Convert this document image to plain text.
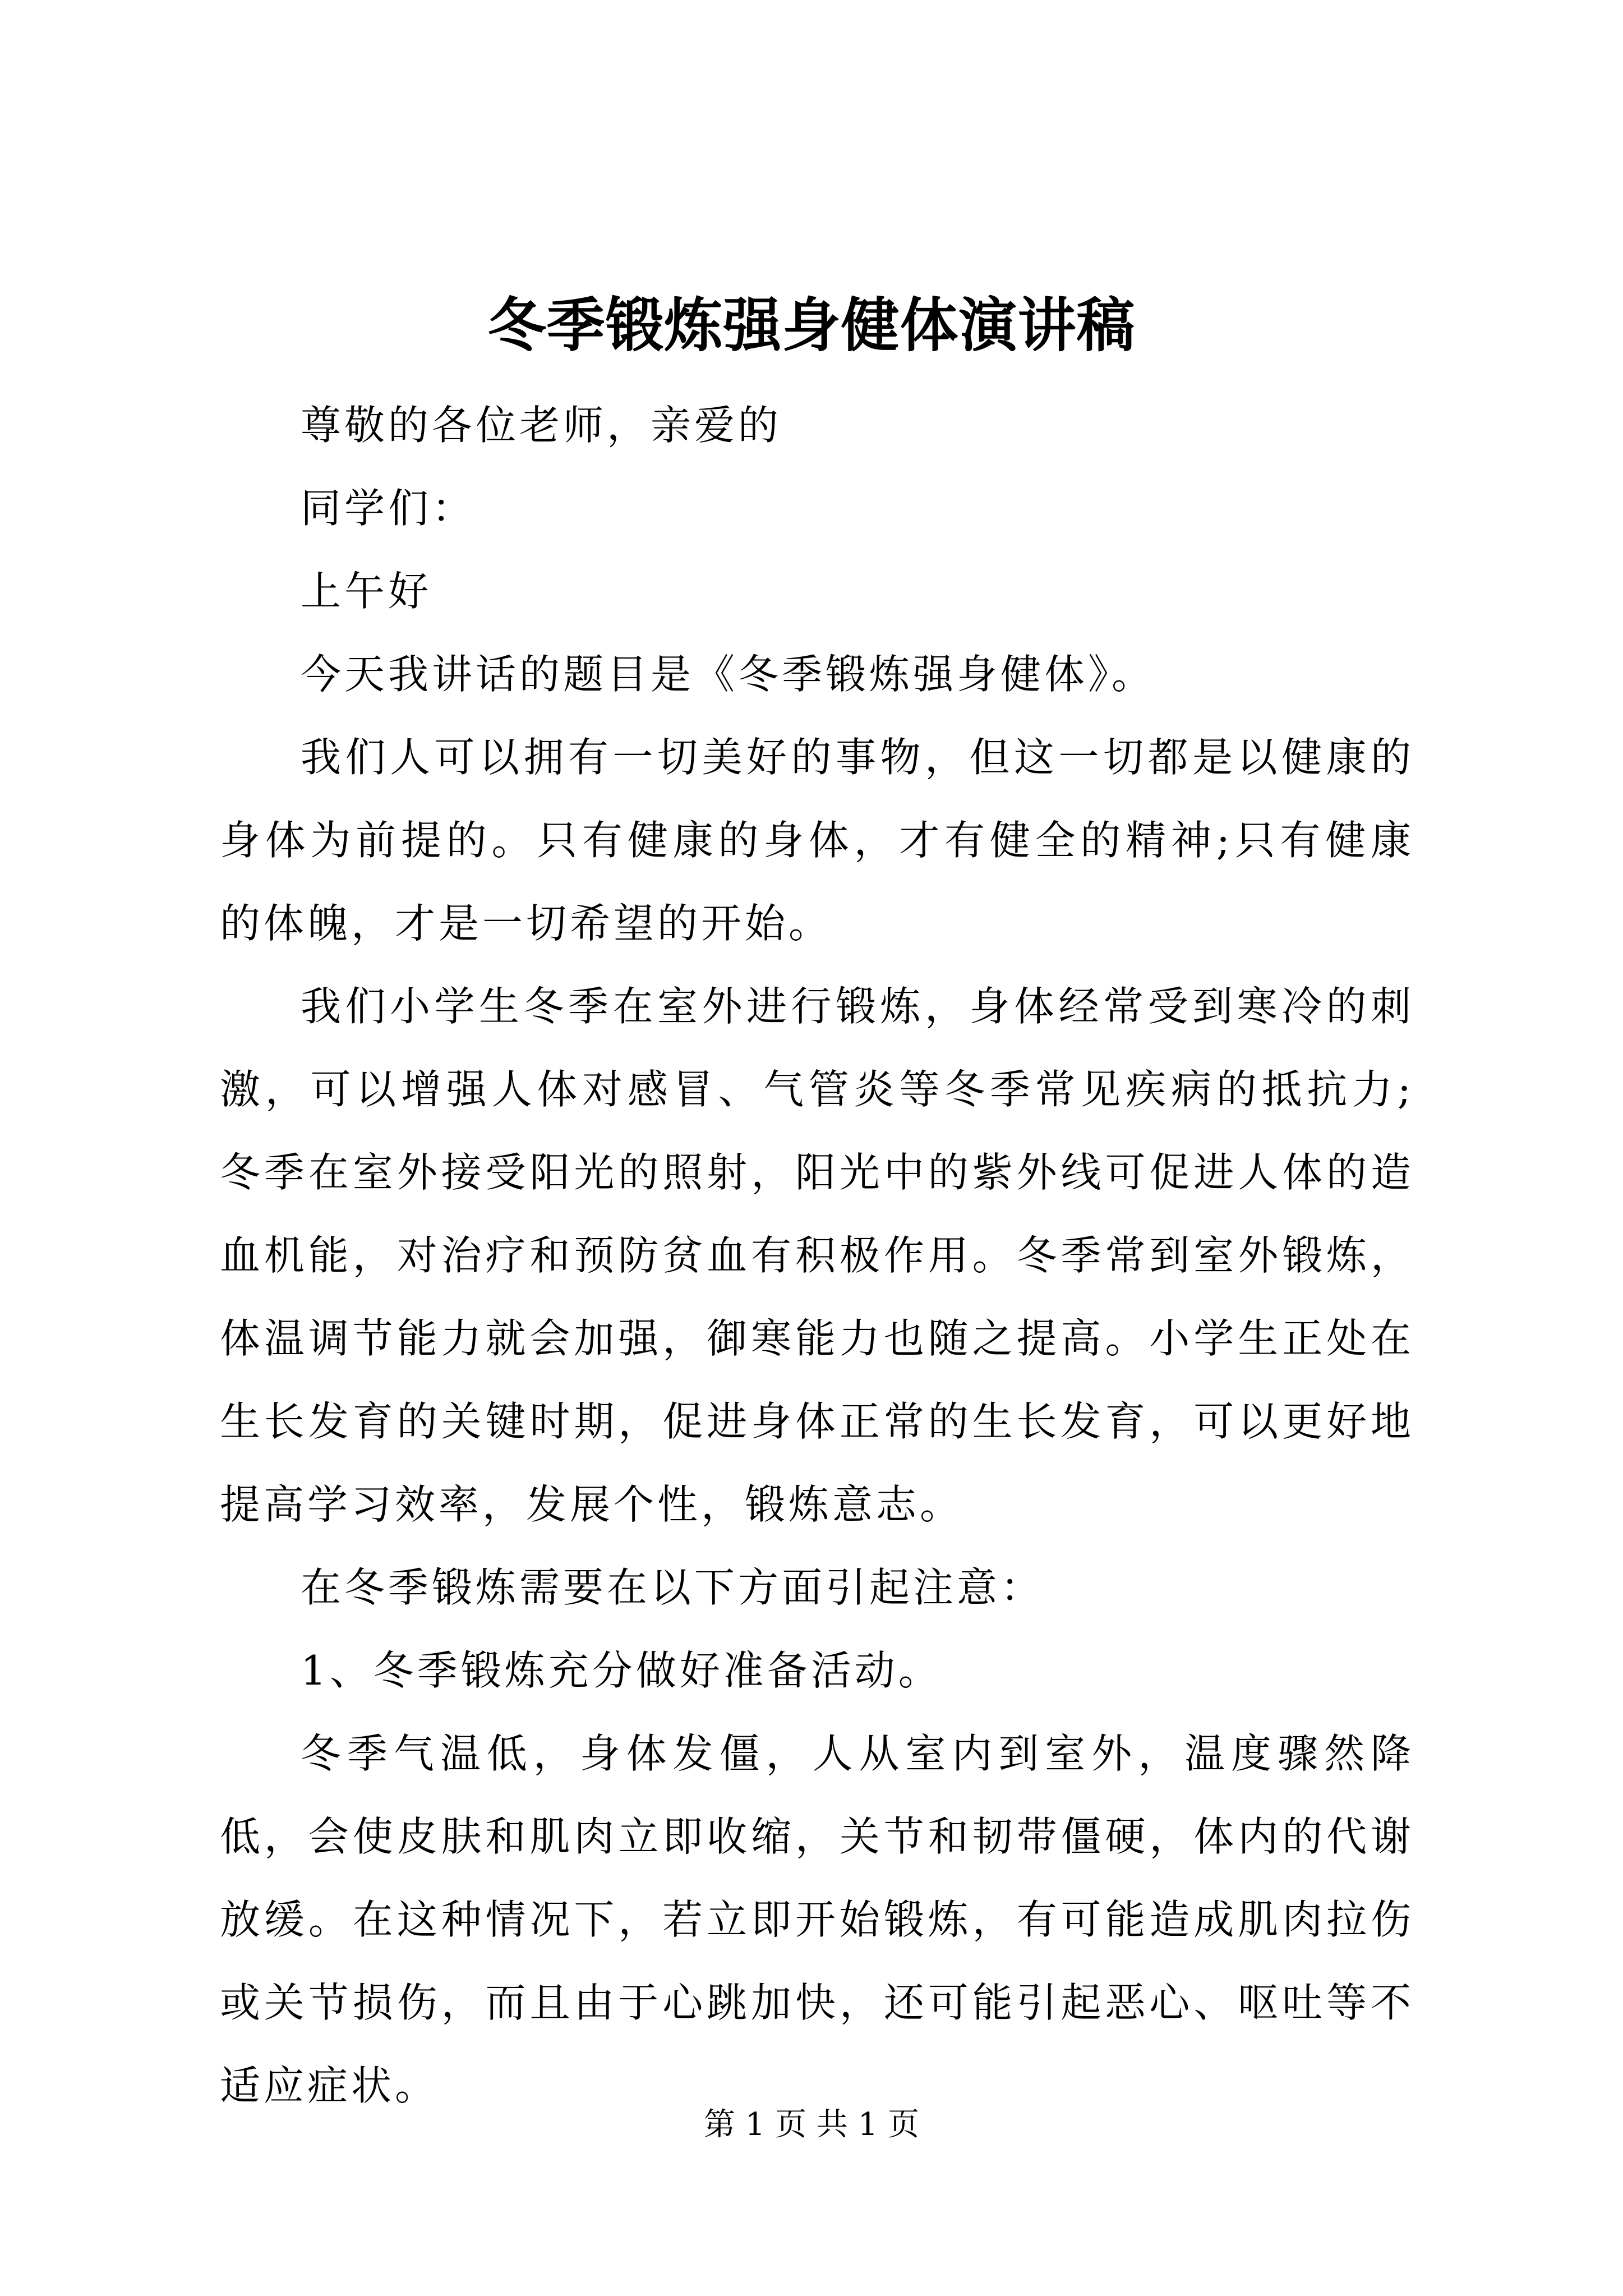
冬季锻炼强身健体演讲稿

尊敬的各位老师，亲爱的

同学们：

上午好

今天我讲话的题目是《冬季锻炼强身健体》。

我们人可以拥有一切美好的事物，但这一切都是以健康的身体为前提的。只有健康的身体，才有健全的精神;只有健康的体魄，才是一切希望的开始。

我们小学生冬季在室外进行锻炼，身体经常受到寒冷的刺激，可以增强人体对感冒、气管炎等冬季常见疾病的抵抗力;冬季在室外接受阳光的照射，阳光中的紫外线可促进人体的造血机能，对治疗和预防贫血有积极作用。冬季常到室外锻炼，体温调节能力就会加强，御寒能力也随之提高。小学生正处在生长发育的关键时期，促进身体正常的生长发育，可以更好地提高学习效率，发展个性，锻炼意志。

在冬季锻炼需要在以下方面引起注意：

1、冬季锻炼充分做好准备活动。

冬季气温低，身体发僵，人从室内到室外，温度骤然降低，会使皮肤和肌肉立即收缩，关节和韧带僵硬，体内的代谢放缓。在这种情况下，若立即开始锻炼，有可能造成肌肉拉伤或关节损伤，而且由于心跳加快，还可能引起恶心、呕吐等不适应症状。

第 1 页 共 1 页
